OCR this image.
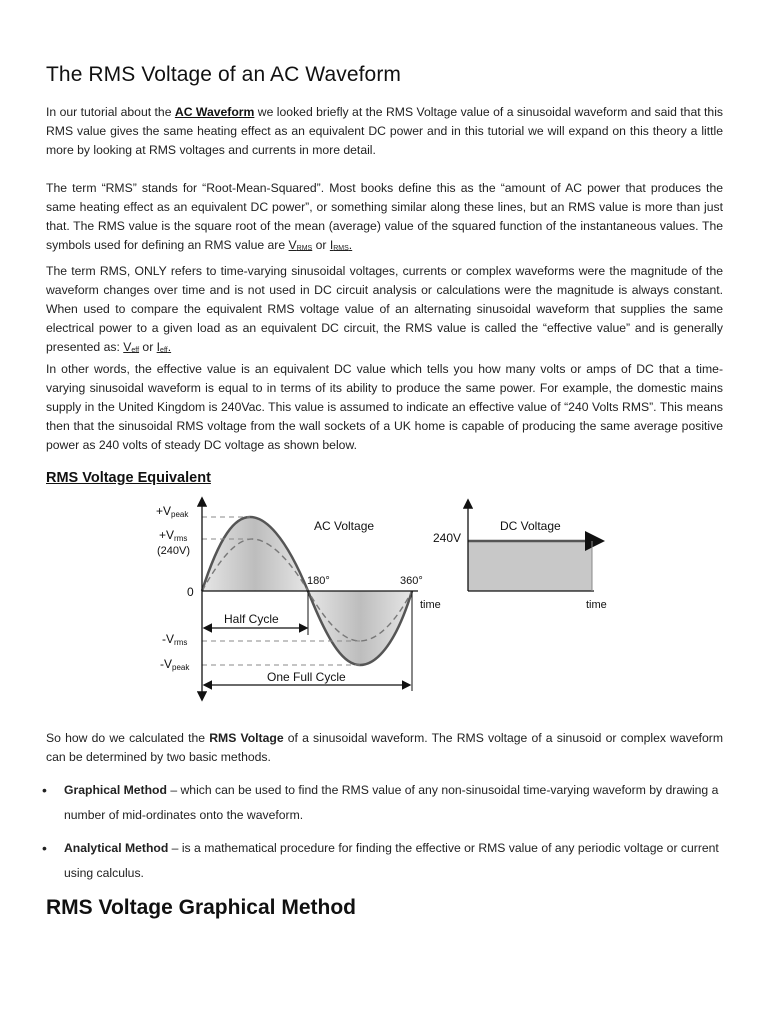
The RMS Voltage of an AC Waveform

In our tutorial about the AC Waveform we looked briefly at the RMS Voltage value of a sinusoidal waveform and said that this RMS value gives the same heating effect as an equivalent DC power and in this tutorial we will expand on this theory a little more by looking at RMS voltages and currents in more detail.

The term “RMS” stands for “Root-Mean-Squared”. Most books define this as the “amount of AC power that produces the same heating effect as an equivalent DC power”, or something similar along these lines, but an RMS value is more than just that. The RMS value is the square root of the mean (average) value of the squared function of the instantaneous values. The symbols used for defining an RMS value are VRMS or IRMS.

The term RMS, ONLY refers to time-varying sinusoidal voltages, currents or complex waveforms were the magnitude of the waveform changes over time and is not used in DC circuit analysis or calculations were the magnitude is always constant. When used to compare the equivalent RMS voltage value of an alternating sinusoidal waveform that supplies the same electrical power to a given load as an equivalent DC circuit, the RMS value is called the “effective value” and is generally presented as: Veff or Ieff.

In other words, the effective value is an equivalent DC value which tells you how many volts or amps of DC that a time-varying sinusoidal waveform is equal to in terms of its ability to produce the same power. For example, the domestic mains supply in the United Kingdom is 240Vac. This value is assumed to indicate an effective value of “240 Volts RMS”. This means then that the sinusoidal RMS voltage from the wall sockets of a UK home is capable of producing the same average positive power as 240 volts of steady DC voltage as shown below.

RMS Voltage Equivalent
+Vpeak
+Vrms
(240V)
0
-Vrms
-Vpeak
AC Voltage
180°	360°
time
Half Cycle
One Full Cycle
DC Voltage
240V
time

So how do we calculated the RMS Voltage of a sinusoidal waveform. The RMS voltage of a sinusoid or complex waveform can be determined by two basic methods.

• Graphical Method – which can be used to find the RMS value of any non-sinusoidal time-varying waveform by drawing a number of mid-ordinates onto the waveform.
• Analytical Method – is a mathematical procedure for finding the effective or RMS value of any periodic voltage or current using calculus.
RMS Voltage Graphical Method
